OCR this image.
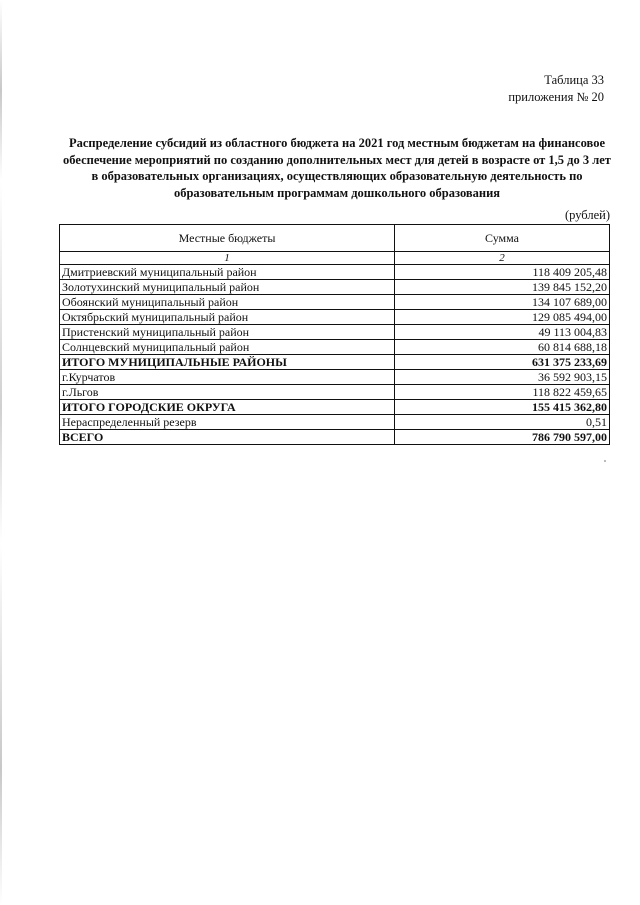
Таблица 33
приложения № 20
Распределение субсидий из областного бюджета на 2021 год местным бюджетам на финансовое обеспечение мероприятий по созданию дополнительных мест для детей в возрасте от 1,5 до 3 лет в образовательных организациях, осуществляющих образовательную деятельность по образовательным программам дошкольного образования
(рублей)
Местные бюджеты	Сумма
1	2
Дмитриевский муниципальный район	118 409 205,48
Золотухинский муниципальный район	139 845 152,20
Обоянский муниципальный район	134 107 689,00
Октябрьский муниципальный район	129 085 494,00
Пристенский муниципальный район	49 113 004,83
Солнцевский муниципальный район	60 814 688,18
ИТОГО МУНИЦИПАЛЬНЫЕ РАЙОНЫ	631 375 233,69
г.Курчатов	36 592 903,15
г.Льгов	118 822 459,65
ИТОГО ГОРОДСКИЕ ОКРУГА	155 415 362,80
Нераспределенный резерв	0,51
ВСЕГО	786 790 597,00
